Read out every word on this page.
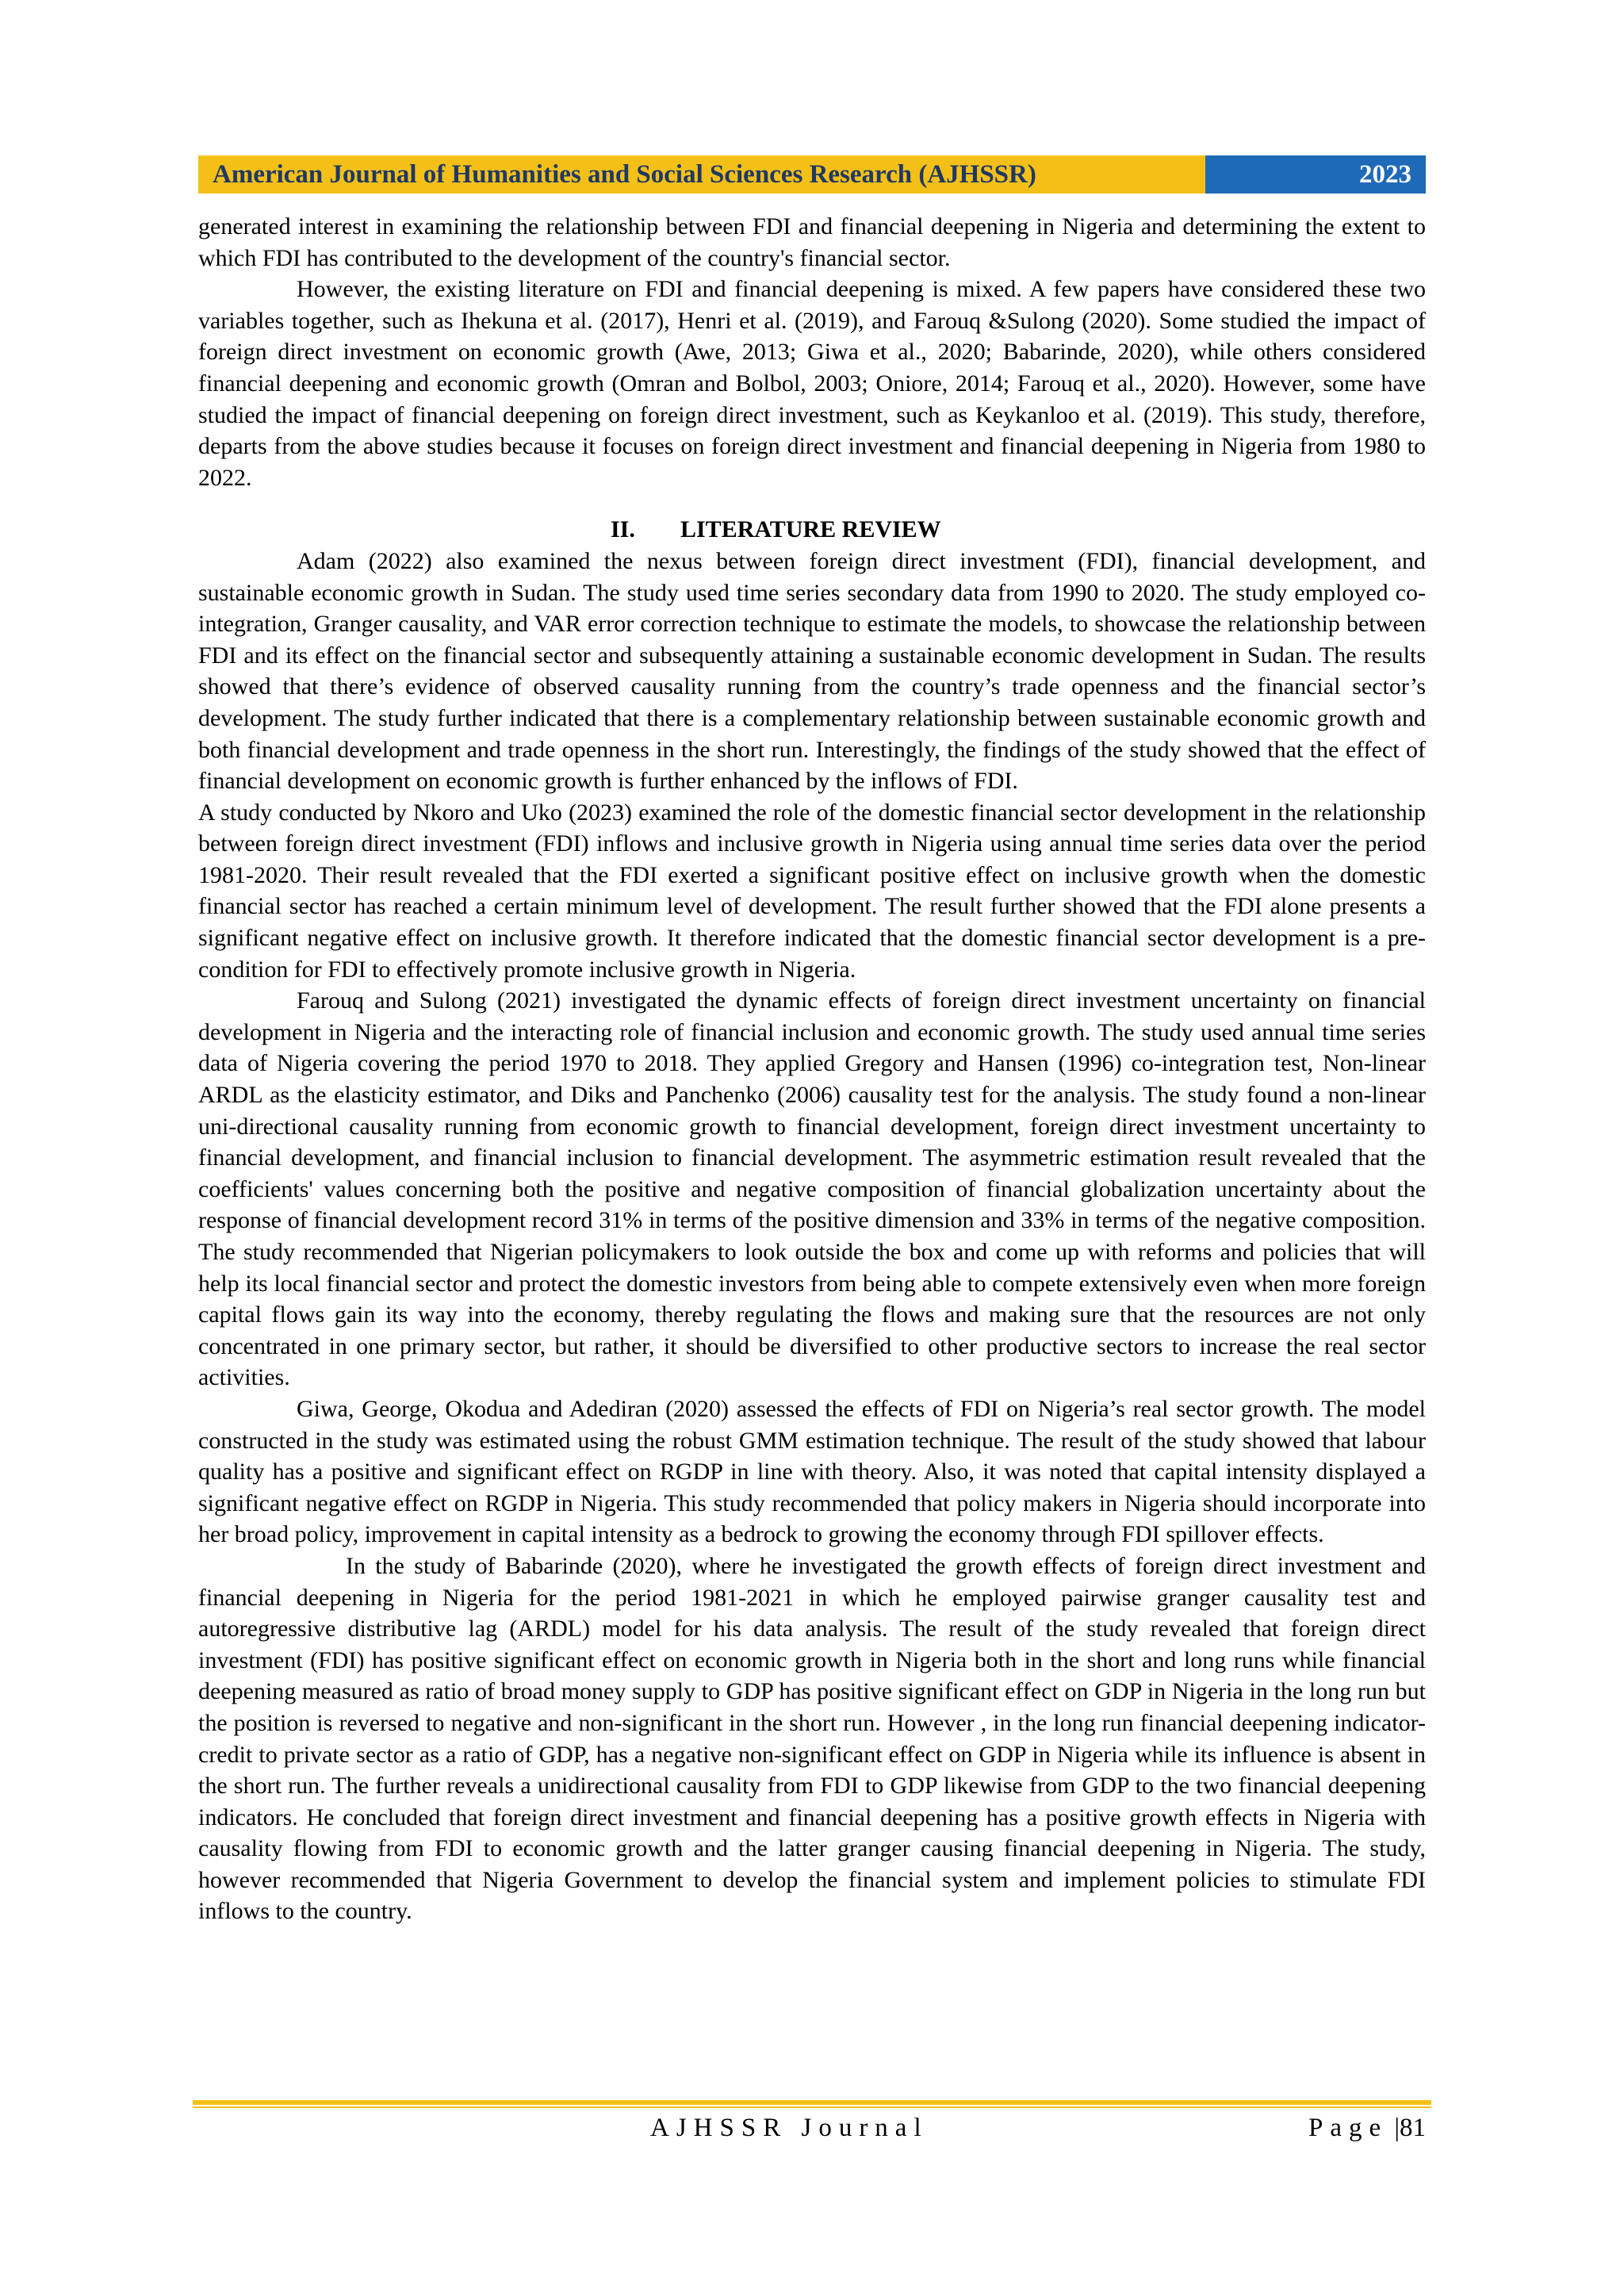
American Journal of Humanities and Social Sciences Research (AJHSSR)	2023

generated interest in examining the relationship between FDI and financial deepening in Nigeria and determining the extent to which FDI has contributed to the development of the country's financial sector.

However, the existing literature on FDI and financial deepening is mixed. A few papers have considered these two variables together, such as Ihekuna et al. (2017), Henri et al. (2019), and Farouq &Sulong (2020). Some studied the impact of foreign direct investment on economic growth (Awe, 2013; Giwa et al., 2020; Babarinde, 2020), while others considered financial deepening and economic growth (Omran and Bolbol, 2003; Oniore, 2014; Farouq et al., 2020). However, some have studied the impact of financial deepening on foreign direct investment, such as Keykanloo et al. (2019). This study, therefore, departs from the above studies because it focuses on foreign direct investment and financial deepening in Nigeria from 1980 to 2022.

II. LITERATURE REVIEW

Adam (2022) also examined the nexus between foreign direct investment (FDI), financial development, and sustainable economic growth in Sudan. The study used time series secondary data from 1990 to 2020. The study employed co-integration, Granger causality, and VAR error correction technique to estimate the models, to showcase the relationship between FDI and its effect on the financial sector and subsequently attaining a sustainable economic development in Sudan. The results showed that there’s evidence of observed causality running from the country’s trade openness and the financial sector’s development. The study further indicated that there is a complementary relationship between sustainable economic growth and both financial development and trade openness in the short run. Interestingly, the findings of the study showed that the effect of financial development on economic growth is further enhanced by the inflows of FDI.

A study conducted by Nkoro and Uko (2023) examined the role of the domestic financial sector development in the relationship between foreign direct investment (FDI) inflows and inclusive growth in Nigeria using annual time series data over the period 1981-2020. Their result revealed that the FDI exerted a significant positive effect on inclusive growth when the domestic financial sector has reached a certain minimum level of development. The result further showed that the FDI alone presents a significant negative effect on inclusive growth. It therefore indicated that the domestic financial sector development is a pre-condition for FDI to effectively promote inclusive growth in Nigeria.

Farouq and Sulong (2021) investigated the dynamic effects of foreign direct investment uncertainty on financial development in Nigeria and the interacting role of financial inclusion and economic growth. The study used annual time series data of Nigeria covering the period 1970 to 2018. They applied Gregory and Hansen (1996) co-integration test, Non-linear ARDL as the elasticity estimator, and Diks and Panchenko (2006) causality test for the analysis. The study found a non-linear uni-directional causality running from economic growth to financial development, foreign direct investment uncertainty to financial development, and financial inclusion to financial development. The asymmetric estimation result revealed that the coefficients' values concerning both the positive and negative composition of financial globalization uncertainty about the response of financial development record 31% in terms of the positive dimension and 33% in terms of the negative composition. The study recommended that Nigerian policymakers to look outside the box and come up with reforms and policies that will help its local financial sector and protect the domestic investors from being able to compete extensively even when more foreign capital flows gain its way into the economy, thereby regulating the flows and making sure that the resources are not only concentrated in one primary sector, but rather, it should be diversified to other productive sectors to increase the real sector activities.

Giwa, George, Okodua and Adediran (2020) assessed the effects of FDI on Nigeria’s real sector growth. The model constructed in the study was estimated using the robust GMM estimation technique. The result of the study showed that labour quality has a positive and significant effect on RGDP in line with theory. Also, it was noted that capital intensity displayed a significant negative effect on RGDP in Nigeria. This study recommended that policy makers in Nigeria should incorporate into her broad policy, improvement in capital intensity as a bedrock to growing the economy through FDI spillover effects.

In the study of Babarinde (2020), where he investigated the growth effects of foreign direct investment and financial deepening in Nigeria for the period 1981-2021 in which he employed pairwise granger causality test and autoregressive distributive lag (ARDL) model for his data analysis. The result of the study revealed that foreign direct investment (FDI) has positive significant effect on economic growth in Nigeria both in the short and long runs while financial deepening measured as ratio of broad money supply to GDP has positive significant effect on GDP in Nigeria in the long run but the position is reversed to negative and non-significant in the short run. However , in the long run financial deepening indicator-credit to private sector as a ratio of GDP, has a negative non-significant effect on GDP in Nigeria while its influence is absent in the short run. The further reveals a unidirectional causality from FDI to GDP likewise from GDP to the two financial deepening indicators. He concluded that foreign direct investment and financial deepening has a positive growth effects in Nigeria with causality flowing from FDI to economic growth and the latter granger causing financial deepening in Nigeria. The study, however recommended that Nigeria Government to develop the financial system and implement policies to stimulate FDI inflows to the country.

AJHSSR Journal	Page |81
